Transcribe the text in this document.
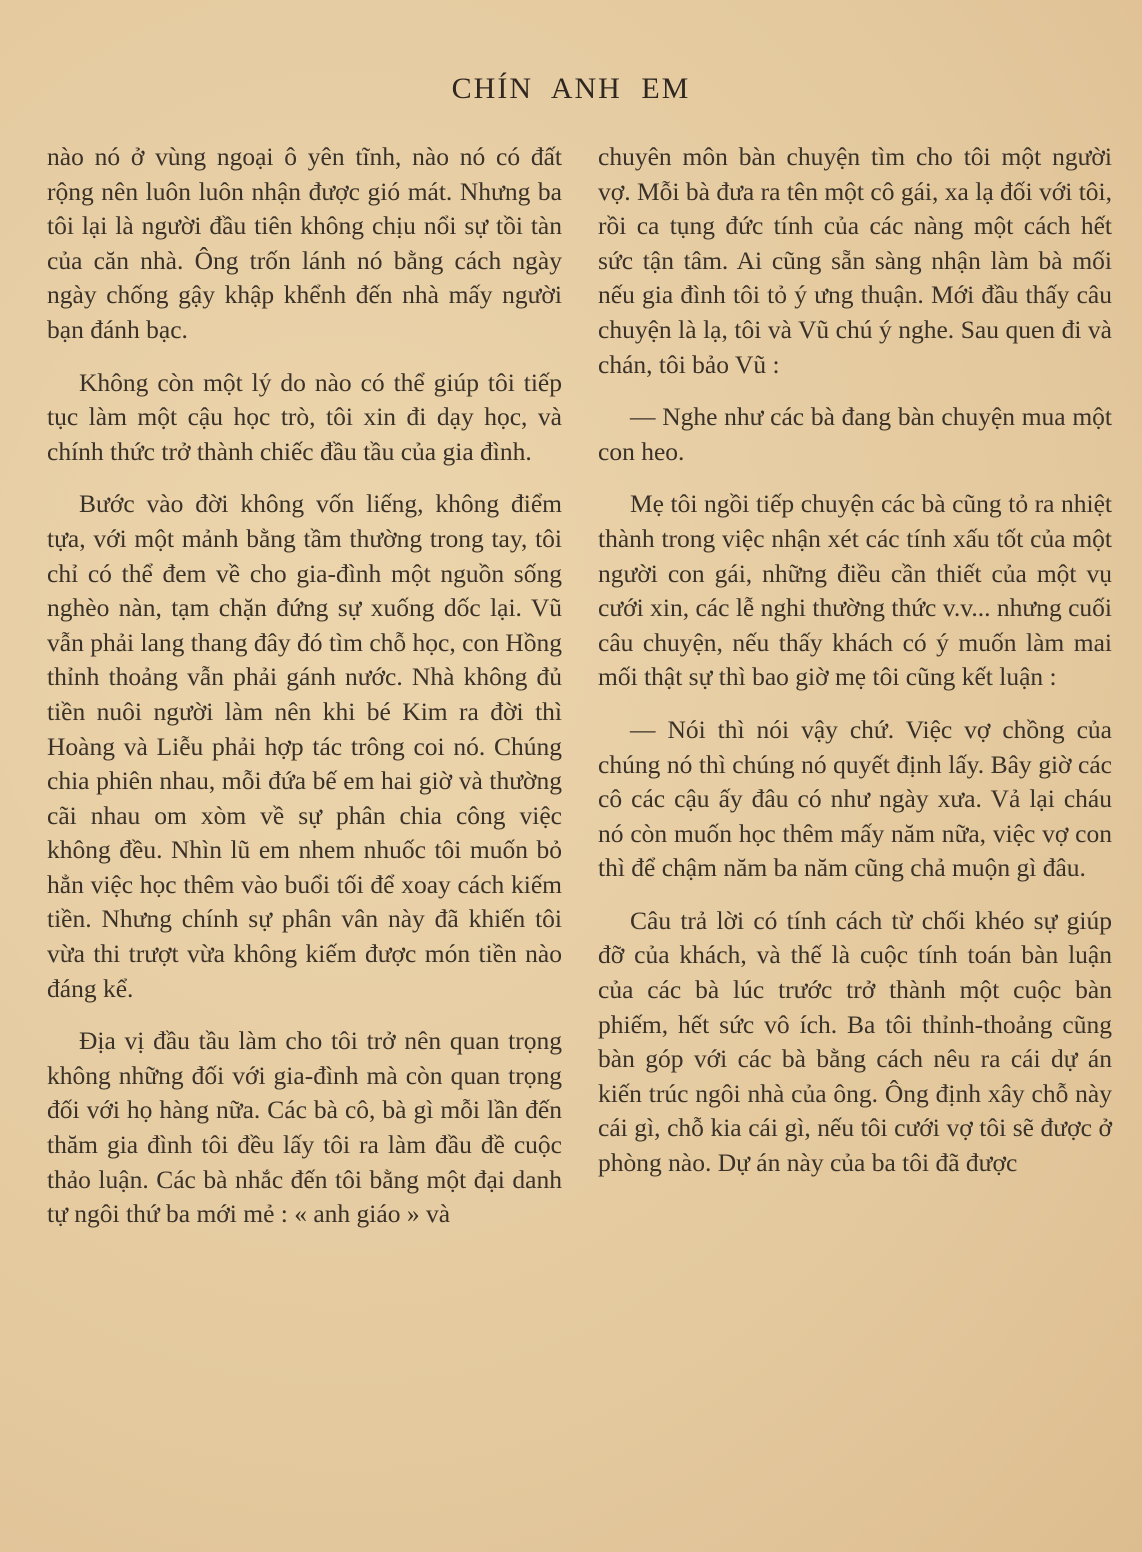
CHÍN ANH EM

nào nó ở vùng ngoại ô yên tĩnh, nào nó có đất rộng nên luôn luôn nhận được gió mát. Nhưng ba tôi lại là người đầu tiên không chịu nổi sự tồi tàn của căn nhà. Ông trốn lánh nó bằng cách ngày ngày chống gậy khập khểnh đến nhà mấy người bạn đánh bạc.

Không còn một lý do nào có thể giúp tôi tiếp tục làm một cậu học trò, tôi xin đi dạy học, và chính thức trở thành chiếc đầu tầu của gia đình.

Bước vào đời không vốn liếng, không điểm tựa, với một mảnh bằng tầm thường trong tay, tôi chỉ có thể đem về cho gia-đình một nguồn sống nghèo nàn, tạm chặn đứng sự xuống dốc lại. Vũ vẫn phải lang thang đây đó tìm chỗ học, con Hồng thỉnh thoảng vẫn phải gánh nước. Nhà không đủ tiền nuôi người làm nên khi bé Kim ra đời thì Hoàng và Liễu phải hợp tác trông coi nó. Chúng chia phiên nhau, mỗi đứa bế em hai giờ và thường cãi nhau om xòm về sự phân chia công việc không đều. Nhìn lũ em nhem nhuốc tôi muốn bỏ hẳn việc học thêm vào buổi tối để xoay cách kiếm tiền. Nhưng chính sự phân vân này đã khiến tôi vừa thi trượt vừa không kiếm được món tiền nào đáng kể.

Địa vị đầu tầu làm cho tôi trở nên quan trọng không những đối với gia-đình mà còn quan trọng đối với họ hàng nữa. Các bà cô, bà gì mỗi lần đến thăm gia đình tôi đều lấy tôi ra làm đầu đề cuộc thảo luận. Các bà nhắc đến tôi bằng một đại danh tự ngôi thứ ba mới mẻ : « anh giáo » và

chuyên môn bàn chuyện tìm cho tôi một người vợ. Mỗi bà đưa ra tên một cô gái, xa lạ đối với tôi, rồi ca tụng đức tính của các nàng một cách hết sức tận tâm. Ai cũng sẵn sàng nhận làm bà mối nếu gia đình tôi tỏ ý ưng thuận. Mới đầu thấy câu chuyện là lạ, tôi và Vũ chú ý nghe. Sau quen đi và chán, tôi bảo Vũ :

— Nghe như các bà đang bàn chuyện mua một con heo.

Mẹ tôi ngồi tiếp chuyện các bà cũng tỏ ra nhiệt thành trong việc nhận xét các tính xấu tốt của một người con gái, những điều cần thiết của một vụ cưới xin, các lễ nghi thường thức v.v... nhưng cuối câu chuyện, nếu thấy khách có ý muốn làm mai mối thật sự thì bao giờ mẹ tôi cũng kết luận :

— Nói thì nói vậy chứ. Việc vợ chồng của chúng nó thì chúng nó quyết định lấy. Bây giờ các cô các cậu ấy đâu có như ngày xưa. Vả lại cháu nó còn muốn học thêm mấy năm nữa, việc vợ con thì để chậm năm ba năm cũng chả muộn gì đâu.

Câu trả lời có tính cách từ chối khéo sự giúp đỡ của khách, và thế là cuộc tính toán bàn luận của các bà lúc trước trở thành một cuộc bàn phiếm, hết sức vô ích. Ba tôi thỉnh-thoảng cũng bàn góp với các bà bằng cách nêu ra cái dự án kiến trúc ngôi nhà của ông. Ông định xây chỗ này cái gì, chỗ kia cái gì, nếu tôi cưới vợ tôi sẽ được ở phòng nào. Dự án này của ba tôi đã được
